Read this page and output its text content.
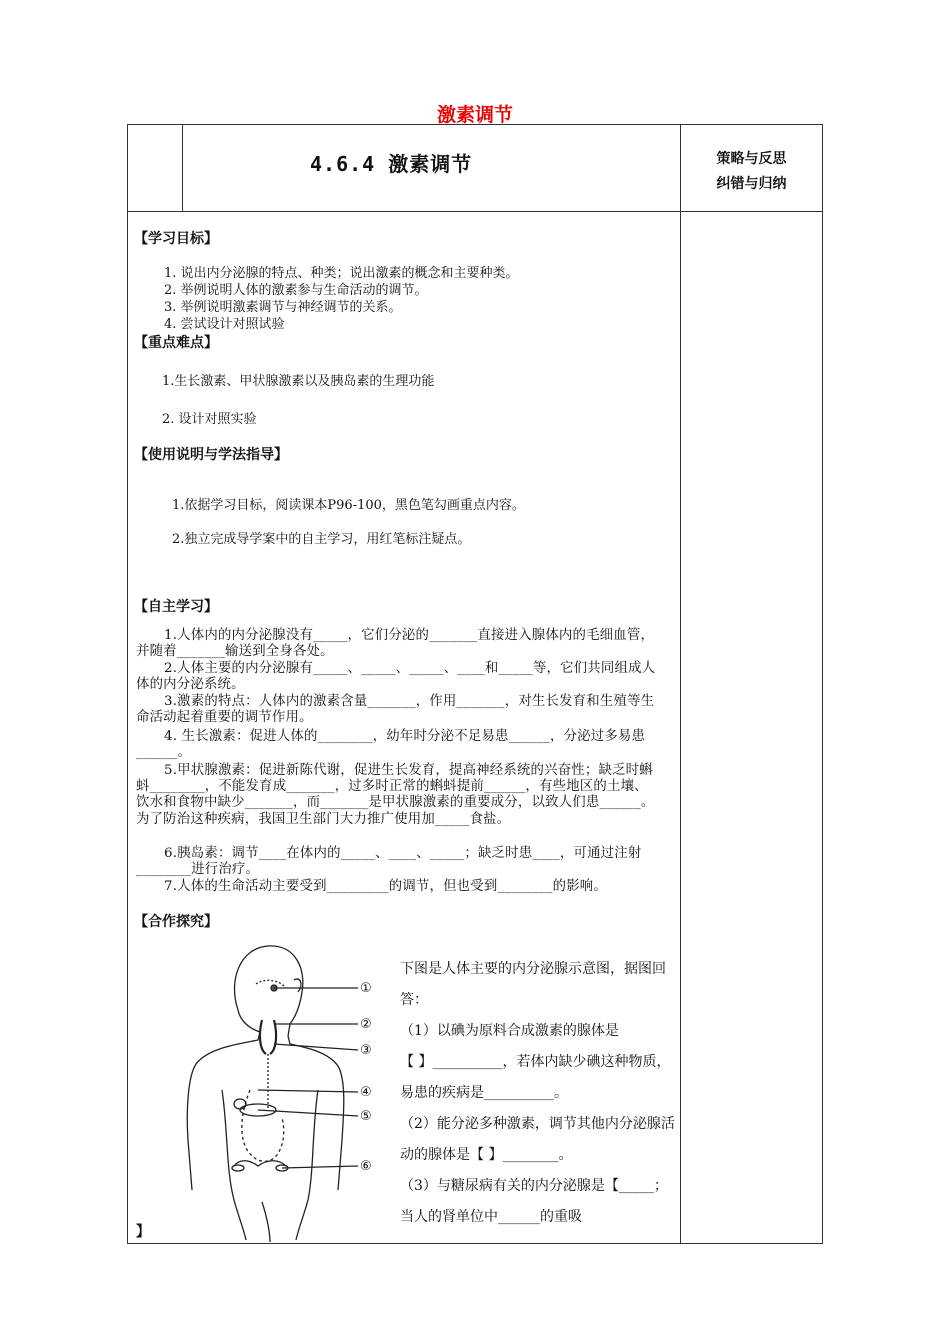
激素调节
4.6.4 激素调节	策略与反思
纠错与归纳
【学习目标】
1. 说出内分泌腺的特点、种类；说出激素的概念和主要种类。
2. 举例说明人体的激素参与生命活动的调节。
3. 举例说明激素调节与神经调节的关系。
4. 尝试设计对照试验
【重点难点】
1.生长激素、甲状腺激素以及胰岛素的生理功能
2. 设计对照实验
【使用说明与学法指导】
1.依据学习目标，阅读课本P96-100，黑色笔勾画重点内容。
2.独立完成导学案中的自主学习，用红笔标注疑点。
【自主学习】
1.人体内的内分泌腺没有_____，它们分泌的_______直接进入腺体内的毛细血管，并随着_______输送到全身各处。
2.人体主要的内分泌腺有_____、_____、_____、____和_____等，它们共同组成人体的内分泌系统。
3.激素的特点：人体内的激素含量_______，作用_______，对生长发育和生殖等生命活动起着重要的调节作用。
4. 生长激素：促进人体的________，幼年时分泌不足易患______，分泌过多易患______。
5.甲状腺激素：促进新陈代谢，促进生长发育，提高神经系统的兴奋性；缺乏时蝌蚪________，不能发育成_______，过多时正常的蝌蚪提前______，有些地区的土壤、饮水和食物中缺少_______，而_______是甲状腺激素的重要成分，以致人们患______。为了防治这种疾病，我国卫生部门大力推广使用加_____食盐。
6.胰岛素：调节____在体内的_____、____、_____；缺乏时患____，可通过注射________进行治疗。
7.人体的生命活动主要受到_________的调节，但也受到________的影响。
【合作探究】
①
②
③
④
⑤
⑥
下图是人体主要的内分泌腺示意图，据图回答：
（1）以碘为原料合成激素的腺体是
【 】__________，若体内缺少碘这种物质，易患的疾病是__________。
（2）能分泌多种激素，调节其他内分泌腺活动的腺体是【 】________。
（3）与糖尿病有关的内分泌腺是【_____；当人的肾单位中______的重吸
】
